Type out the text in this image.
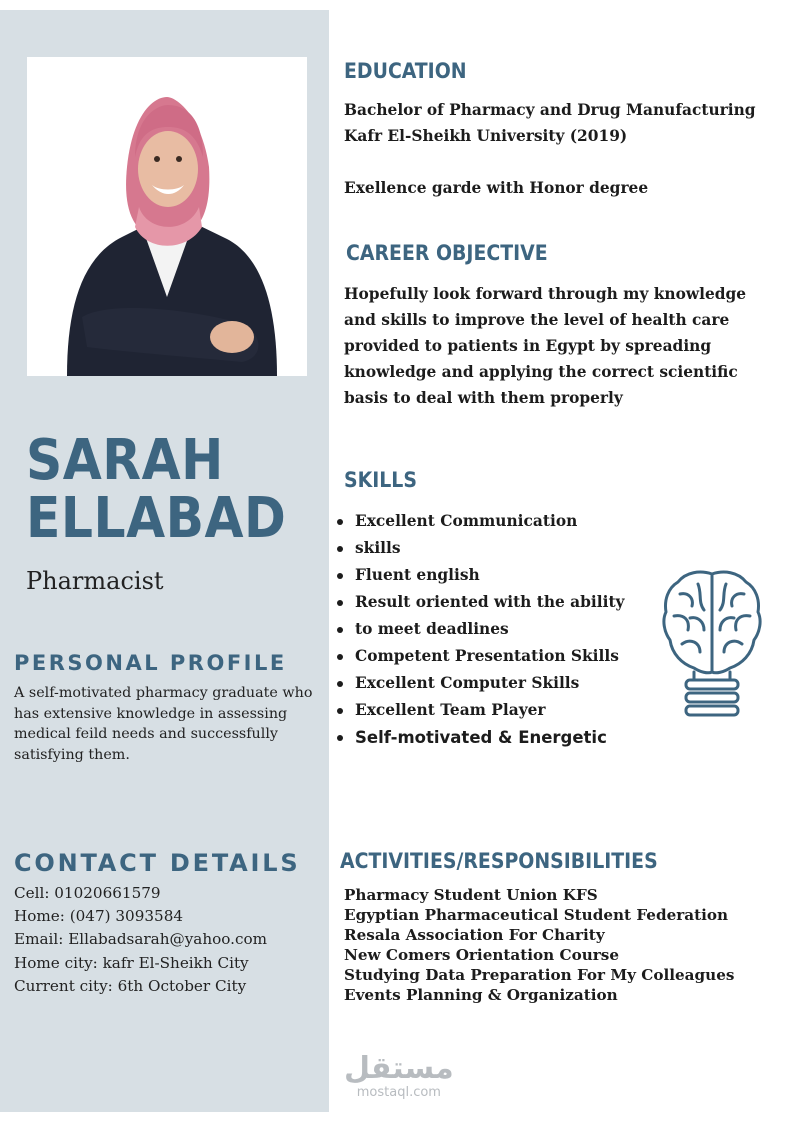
SARAH
ELLABAD
Pharmacist
PERSONAL PROFILE

A self-motivated pharmacy graduate who has extensive knowledge in assessing medical feild needs and successfully satisfying them.

CONTACT DETAILS
Cell: 01020661579
Home: (047) 3093584
Email: Ellabadsarah@yahoo.com
Home city: kafr El-Sheikh City
Current city: 6th October City
EDUCATION

Bachelor of Pharmacy and Drug Manufacturing

Kafr El-Sheikh University (2019)

Exellence garde with Honor degree

CAREER OBJECTIVE

Hopefully look forward through my knowledge and skills to improve the level of health care provided to patients in Egypt by spreading knowledge and applying the correct scientific basis to deal with them properly

SKILLS
Excellent Communication
skills
Fluent english
Result oriented with the ability
to meet deadlines
Competent Presentation Skills
Excellent Computer Skills
Excellent Team Player
Self-motivated & Energetic
ACTIVITIES/RESPONSIBILITIES
Pharmacy Student Union KFS
Egyptian Pharmaceutical Student Federation
Resala Association For Charity
New Comers Orientation Course
Studying Data Preparation For My Colleagues
Events Planning & Organization
مستقل
mostaql.com
